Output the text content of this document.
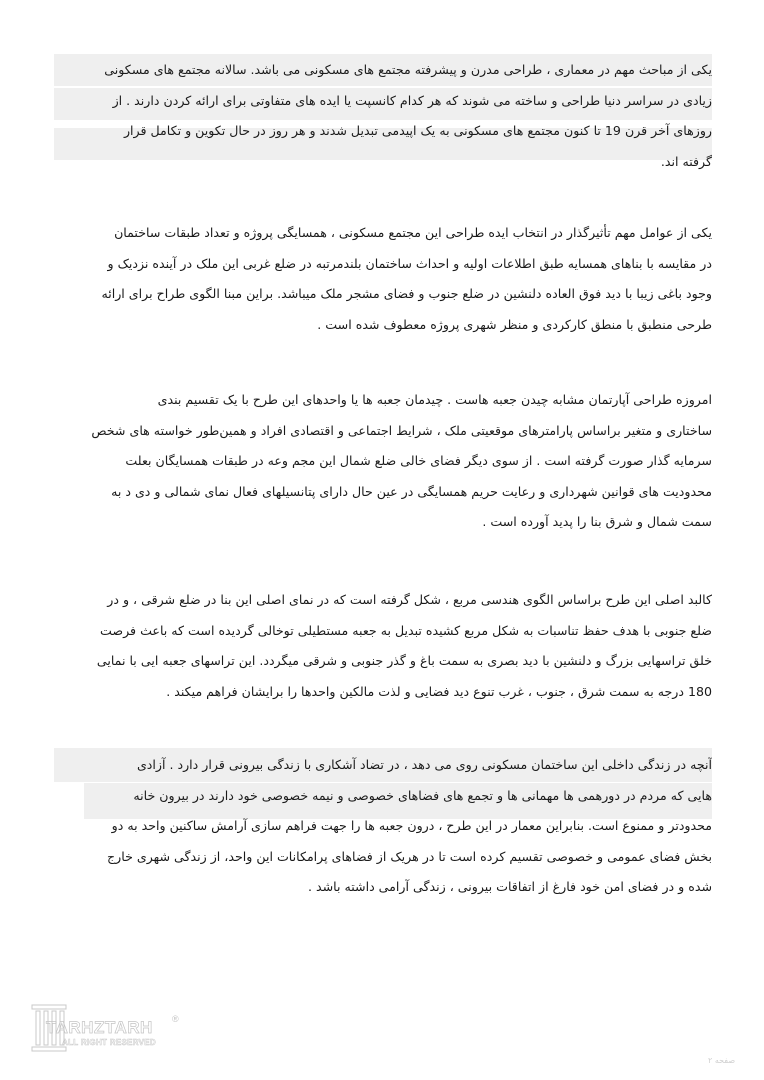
یکی از مباحث مهم در معماری ، طراحی مدرن و پیشرفته مجتمع های مسکونی می باشد. سالانه مجتمع های مسکونی
زیادی در سراسر دنیا طراحی و ساخته می شوند که هر کدام کانسپت یا ایده های متفاوتی برای ارائه کردن دارند . از
روزهای آخر قرن 19 تا کنون مجتمع های مسکونی به یک اپیدمی تبدیل شدند و هر روز در حال تکوین و تکامل قرار
گرفته اند.
یکی از عوامل مهم تأثیرگذار در انتخاب ایده طراحی این مجتمع مسکونی ، همسایگی پروژه و تعداد طبقات ساختمان
در مقایسه با بناهای همسایه طبق اطلاعات اولیه و احداث ساختمان بلندمرتبه در ضلع غربی این ملک در آینده نزدیک و
وجود باغی زیبا با دید فوق العاده دلنشین در ضلع جنوب و فضای مشجر ملک میباشد. براین مبنا الگوی طراح برای ارائه
طرحی منطبق با منطق کارکردی و منظر شهری پروژه معطوف شده است .
امروزه طراحی آپارتمان مشابه چیدن جعبه هاست . چیدمان جعبه ها یا واحدهای این طرح با یک تقسیم بندی
ساختاری و متغیر براساس پارامترهای موقعیتی ملک ، شرایط اجتماعی و اقتصادی افراد و همین‌طور خواسته های شخص
سرمایه گذار صورت گرفته است . از سوی دیگر فضای خالی ضلع شمال این مجم وعه در طبقات همسایگان بعلت
محدودیت های قوانین شهرداری و رعایت حریم همسایگی در عین حال دارای پتانسیلهای فعال نمای شمالی و دی د به
سمت شمال و شرق بنا را پدید آورده است .
کالبد اصلی این طرح براساس الگوی هندسی مربع ، شکل گرفته است که در نمای اصلی این بنا در ضلع شرقی ، و در
ضلع جنوبی با هدف حفظ تناسبات به شکل مربع کشیده تبدیل به جعبه مستطیلی توخالی گردیده است که باعث فرصت
خلق تراسهایی بزرگ و دلنشین با دید بصری به سمت باغ و گذر جنوبی و شرقی میگردد. این تراسهای جعبه ایی با نمایی
180 درجه به سمت شرق ، جنوب ، غرب تنوع دید فضایی و لذت مالکین واحدها را برایشان فراهم میکند .
آنچه در زندگی داخلی این ساختمان مسکونی روی می دهد ، در تضاد آشکاری با زندگی بیرونی قرار دارد . آزادی
هایی که مردم در دورهمی ها مهمانی ها و تجمع های فضاهای خصوصی و نیمه خصوصی خود دارند در بیرون خانه
محدودتر و ممنوع است. بنابراین معمار در این طرح ، درون جعبه ها را جهت فراهم سازی آرامش ساکنین واحد به دو
بخش فضای عمومی و خصوصی تقسیم کرده است تا در هریک از فضاهای پرامکانات این واحد، از زندگی شهری خارج
شده و در فضای امن خود فارغ از اتفاقات بیرونی ، زندگی آرامی داشته باشد .
TARHZTARH
ALL RIGHT RESERVED
®
صفحه ۲
